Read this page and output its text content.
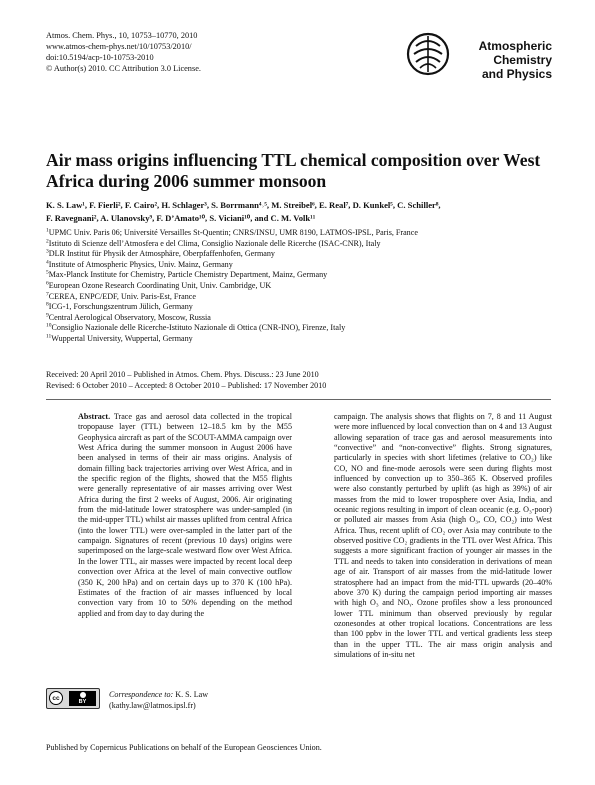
Atmos. Chem. Phys., 10, 10753–10770, 2010
www.atmos-chem-phys.net/10/10753/2010/
doi:10.5194/acp-10-10753-2010
© Author(s) 2010. CC Attribution 3.0 License.
Atmospheric
Chemistry
and Physics
Air mass origins influencing TTL chemical composition over West Africa during 2006 summer monsoon
K. S. Law¹, F. Fierli², F. Cairo², H. Schlager³, S. Borrmann⁴˒⁵, M. Streibel⁶, E. Real⁷, D. Kunkel⁵, C. Schiller⁸,
F. Ravegnani², A. Ulanovsky⁹, F. D’Amato¹⁰, S. Viciani¹⁰, and C. M. Volk¹¹
$^1$UPMC Univ. Paris 06; Université Versailles St-Quentin; CNRS/INSU, UMR 8190, LATMOS-IPSL, Paris, France
$^2$Istituto di Scienze dell’Atmosfera e del Clima, Consiglio Nazionale delle Ricerche (ISAC-CNR), Italy
$^3$DLR Institut für Physik der Atmosphäre, Oberpfaffenhofen, Germany
$^4$Institute of Atmospheric Physics, Univ. Mainz, Germany
$^5$Max-Planck Institute for Chemistry, Particle Chemistry Department, Mainz, Germany
$^6$European Ozone Research Coordinating Unit, Univ. Cambridge, UK
$^7$CEREA, ENPC/EDF, Univ. Paris-Est, France
$^8$ICG-1, Forschungszentrum Jülich, Germany
$^9$Central Aerological Observatory, Moscow, Russia
$^{10}$Consiglio Nazionale delle Ricerche-Istituto Nazionale di Ottica (CNR-INO), Firenze, Italy
$^{11}$Wuppertal University, Wuppertal, Germany
Received: 20 April 2010 – Published in Atmos. Chem. Phys. Discuss.: 23 June 2010
Revised: 6 October 2010 – Accepted: 8 October 2010 – Published: 17 November 2010

Abstract. Trace gas and aerosol data collected in the tropical tropopause layer (TTL) between 12–18.5 km by the M55 Geophysica aircraft as part of the SCOUT-AMMA campaign over West Africa during the summer monsoon in August 2006 have been analysed in terms of their air mass origins. Analysis of domain filling back trajectories arriving over West Africa, and in the specific region of the flights, showed that the M55 flights were generally representative of air masses arriving over West Africa during the first 2 weeks of August, 2006. Air originating from the mid-latitude lower stratosphere was under-sampled (in the mid-upper TTL) whilst air masses uplifted from central Africa (into the lower TTL) were over-sampled in the latter part of the campaign. Signatures of recent (previous 10 days) origins were superimposed on the large-scale westward flow over West Africa. In the lower TTL, air masses were impacted by recent local deep convection over Africa at the level of main convective outflow (350 K, 200 hPa) and on certain days up to 370 K (100 hPa). Estimates of the fraction of air masses influenced by local convection vary from 10 to 50% depending on the method applied and from day to day during the

campaign. The analysis shows that flights on 7, 8 and 11 August were more influenced by local convection than on 4 and 13 August allowing separation of trace gas and aerosol measurements into “convective” and “non-convective” flights. Strong signatures, particularly in species with short lifetimes (relative to CO₂) like CO, NO and fine-mode aerosols were seen during flights most influenced by convection up to 350–365 K. Observed profiles were also constantly perturbed by uplift (as high as 39%) of air masses from the mid to lower troposphere over Asia, India, and oceanic regions resulting in import of clean oceanic (e.g. O₃-poor) or polluted air masses from Asia (high O₃, CO, CO₂) into West Africa. Thus, recent uplift of CO₂ over Asia may contribute to the observed positive CO₂ gradients in the TTL over West Africa. This suggests a more significant fraction of younger air masses in the TTL and needs to taken into consideration in derivations of mean age of air. Transport of air masses from the mid-latitude lower stratosphere had an impact from the mid-TTL upwards (20–40% above 370 K) during the campaign period importing air masses with high O₃ and NOᵧ. Ozone profiles show a less pronounced lower TTL minimum than observed previously by regular ozonesondes at other tropical locations. Concentrations are less than 100 ppbv in the lower TTL and vertical gradients less steep than in the upper TTL. The air mass origin analysis and simulations of in-situ net

cc	BY
Correspondence to: K. S. Law
(kathy.law@latmos.ipsl.fr)
Published by Copernicus Publications on behalf of the European Geosciences Union.
